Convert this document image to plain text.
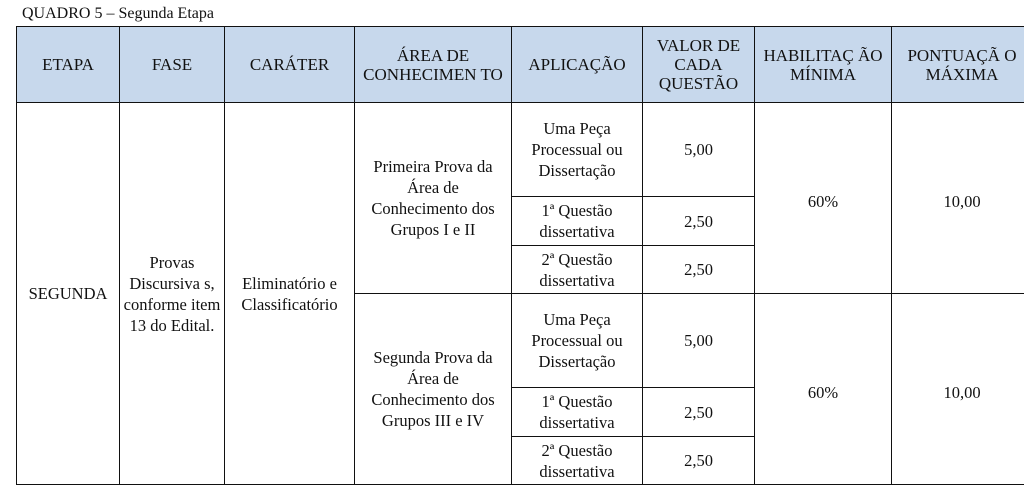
QUADRO 5 – Segunda Etapa
ETAPA	FASE	CARÁTER	ÁREA DE CONHECIMEN TO	APLICAÇÃO	VALOR DE CADA QUESTÃO	HABILITAÇ ÃO MÍNIMA	PONTUAÇÃ O MÁXIMA
SEGUNDA	Provas Discursiva s, conforme item 13 do Edital.	Eliminatório e Classificatório	Primeira Prova da Área de Conhecimento dos Grupos I e II	Uma Peça Processual ou Dissertação	5,00	60%	10,00
				1ª Questão dissertativa	2,50		
				2ª Questão dissertativa	2,50		
			Segunda Prova da Área de Conhecimento dos Grupos III e IV	Uma Peça Processual ou Dissertação	5,00	60%	10,00
				1ª Questão dissertativa	2,50		
				2ª Questão dissertativa	2,50		
